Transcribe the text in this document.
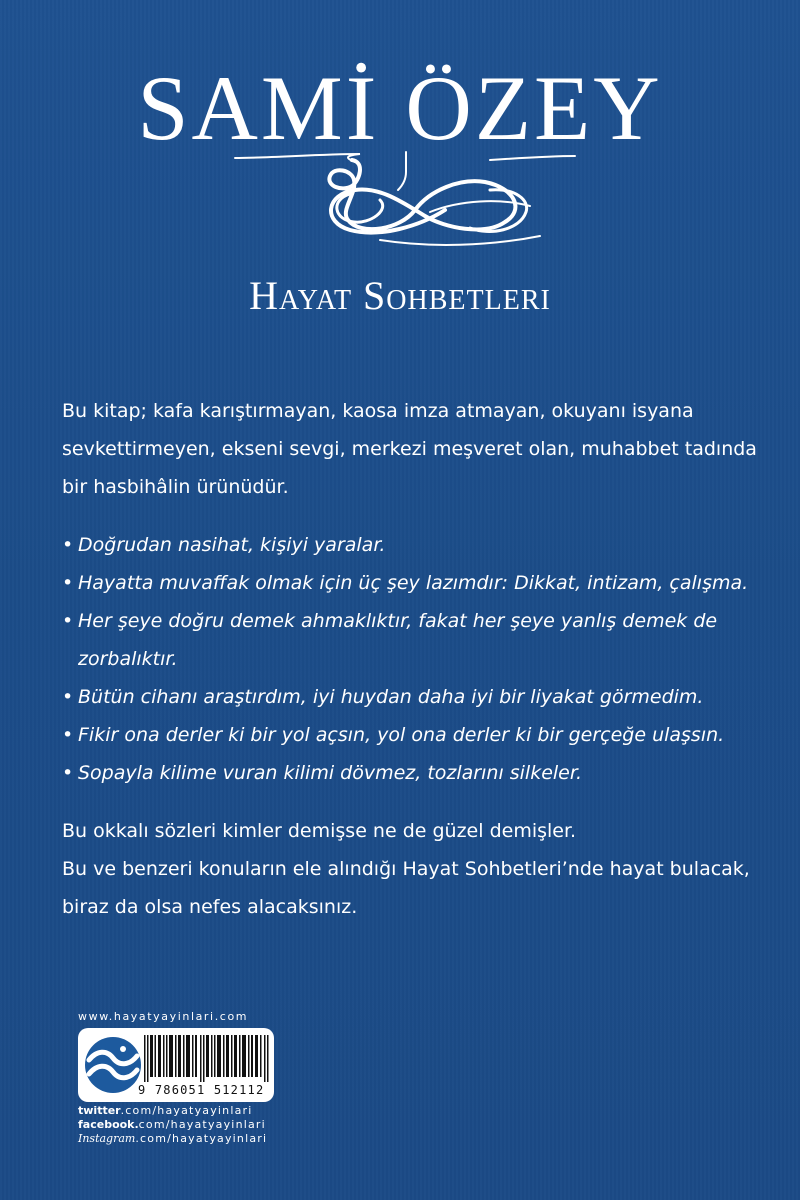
SAMİ ÖZEY
Hayat Sohbetleri

Bu kitap; kafa karıştırmayan, kaosa imza atmayan, okuyanı isyana

sevkettirmeyen, ekseni sevgi, merkezi meşveret olan, muhabbet tadında

bir hasbihâlin ürünüdür.

• Doğrudan nasihat, kişiyi yaralar.
• Hayatta muvaffak olmak için üç şey lazımdır: Dikkat, intizam, çalışma.
• Her şeye doğru demek ahmaklıktır, fakat her şeye yanlış demek de zorbalıktır.
• Bütün cihanı araştırdım, iyi huydan daha iyi bir liyakat görmedim.
• Fikir ona derler ki bir yol açsın, yol ona derler ki bir gerçeğe ulaşsın.
• Sopayla kilime vuran kilimi dövmez, tozlarını silkeler.

Bu okkalı sözleri kimler demişse ne de güzel demişler.

Bu ve benzeri konuların ele alındığı Hayat Sohbetleri’nde hayat bulacak,

biraz da olsa nefes alacaksınız.

www.hayatyayinlari.com
9 786051 512112
twitter.com/hayatyayinlari
facebook.com/hayatyayinlari
Instagram.com/hayatyayinlari
